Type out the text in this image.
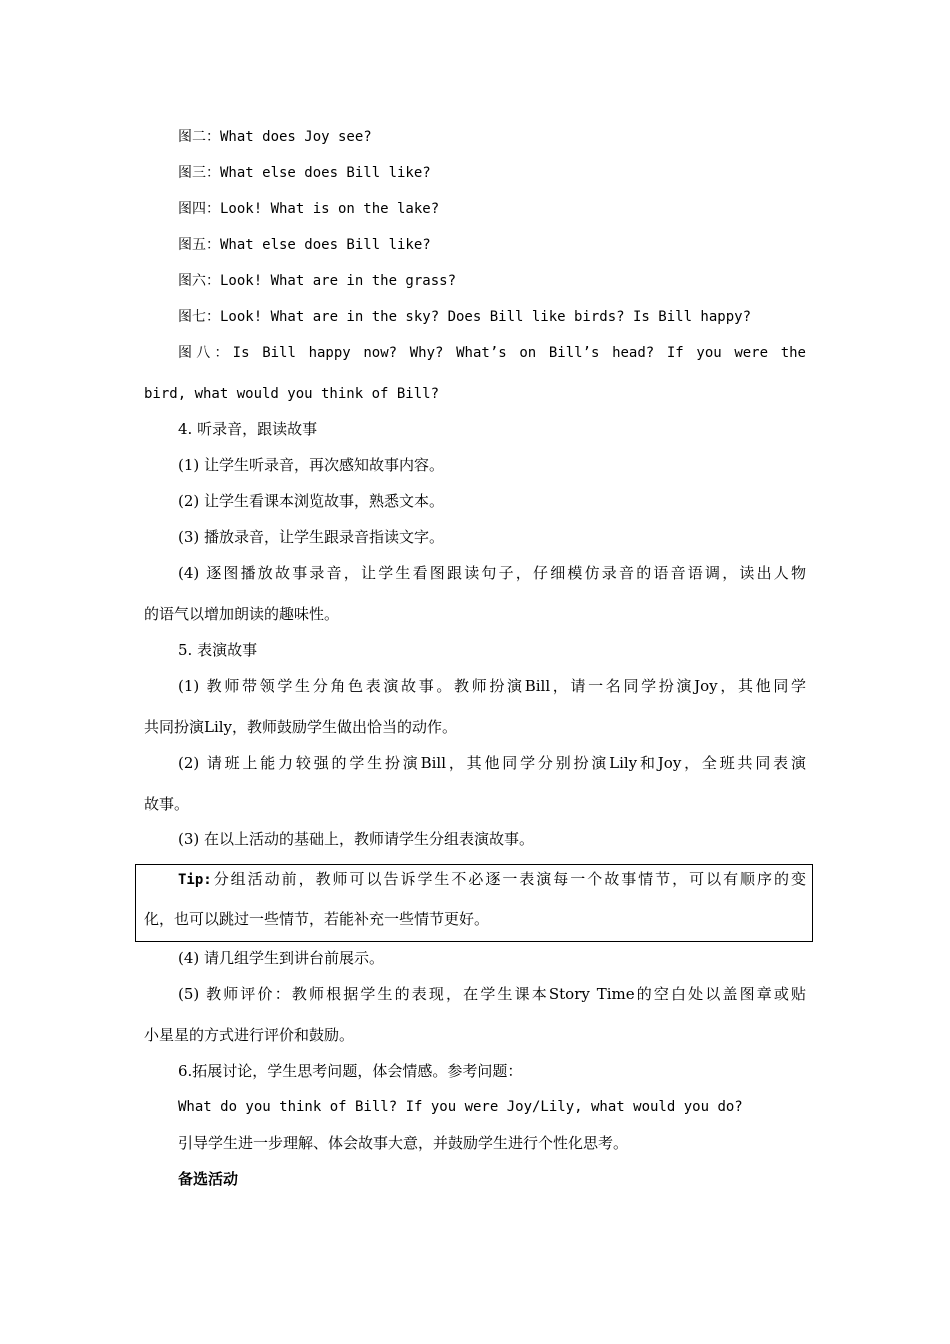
图二：What does Joy see?
图三：What else does Bill like?
图四：Look! What is on the lake?
图五：What else does Bill like?
图六：Look! What are in the grass?
图七：Look! What are in the sky? Does Bill like birds? Is Bill happy?
图八：Is Bill happy now? Why? What’s on Bill’s head? If you were the
bird, what would you think of Bill?
4. 听录音，跟读故事
(1) 让学生听录音，再次感知故事内容。
(2) 让学生看课本浏览故事，熟悉文本。
(3) 播放录音，让学生跟录音指读文字。
(4) 逐图播放故事录音，让学生看图跟读句子，仔细模仿录音的语音语调，读出人物
的语气以增加朗读的趣味性。
5. 表演故事
(1) 教师带领学生分角色表演故事。教师扮演Bill，请一名同学扮演Joy，其他同学
共同扮演Lily，教师鼓励学生做出恰当的动作。
(2) 请班上能力较强的学生扮演Bill，其他同学分别扮演Lily和Joy，全班共同表演
故事。
(3) 在以上活动的基础上，教师请学生分组表演故事。
Tip:分组活动前，教师可以告诉学生不必逐一表演每一个故事情节，可以有顺序的变
化，也可以跳过一些情节，若能补充一些情节更好。
(4) 请几组学生到讲台前展示。
(5) 教师评价：教师根据学生的表现，在学生课本Story Time的空白处以盖图章或贴
小星星的方式进行评价和鼓励。
6.拓展讨论，学生思考问题，体会情感。参考问题：
What do you think of Bill? If you were Joy/Lily, what would you do?
引导学生进一步理解、体会故事大意，并鼓励学生进行个性化思考。
备选活动
